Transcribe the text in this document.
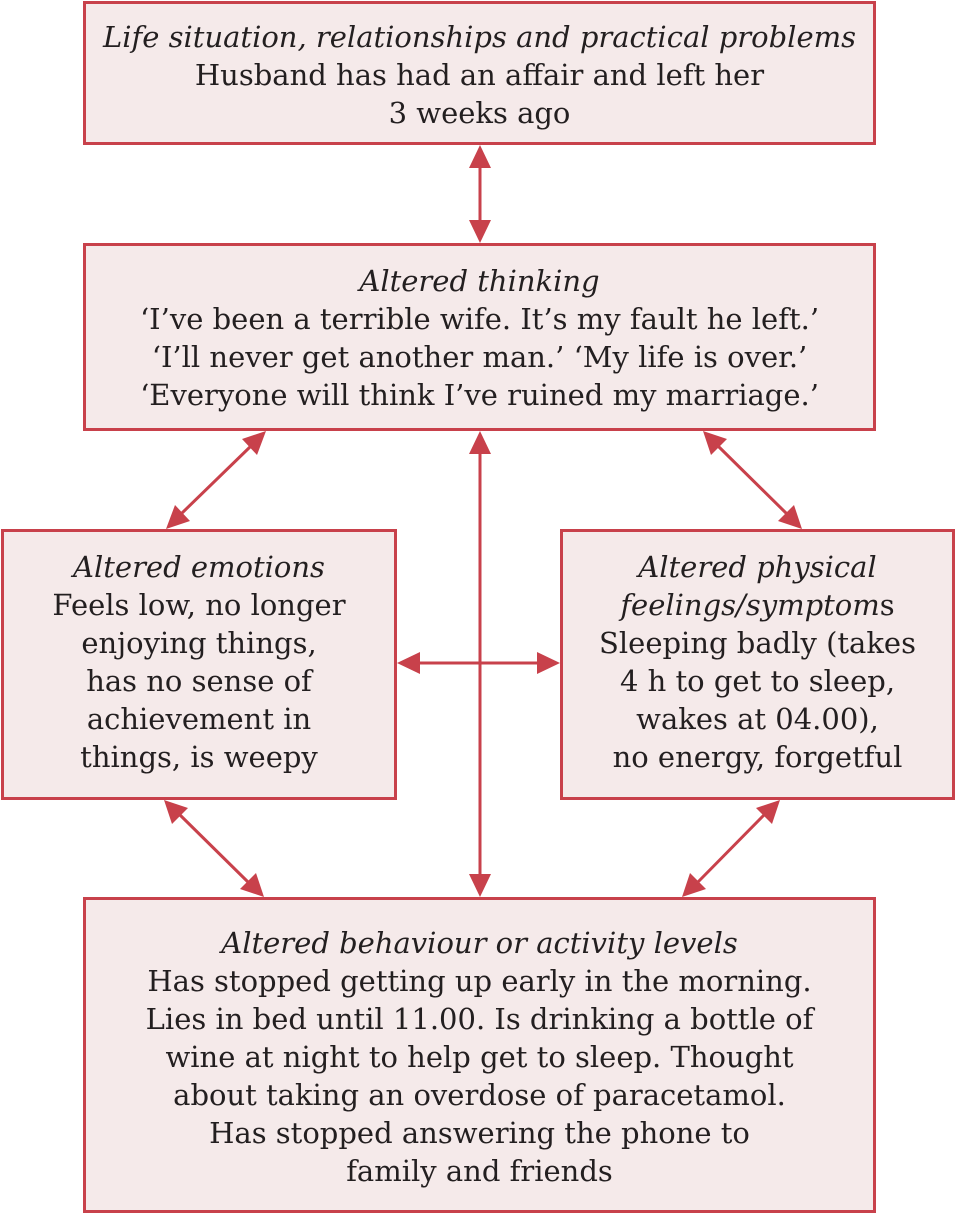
Life situation, relationships and practical problems
Husband has had an affair and left her
3 weeks ago
Altered thinking
‘I’ve been a terrible wife. It’s my fault he left.’
‘I’ll never get another man.’ ‘My life is over.’
‘Everyone will think I’ve ruined my marriage.’
Altered emotions
Feels low, no longer
enjoying things,
has no sense of
achievement in
things, is weepy
Altered physical
feelings/symptoms
Sleeping badly (takes
4 h to get to sleep,
wakes at 04.00),
no energy, forgetful
Altered behaviour or activity levels
Has stopped getting up early in the morning.
Lies in bed until 11.00. Is drinking a bottle of
wine at night to help get to sleep. Thought
about taking an overdose of paracetamol.
Has stopped answering the phone to
family and friends
